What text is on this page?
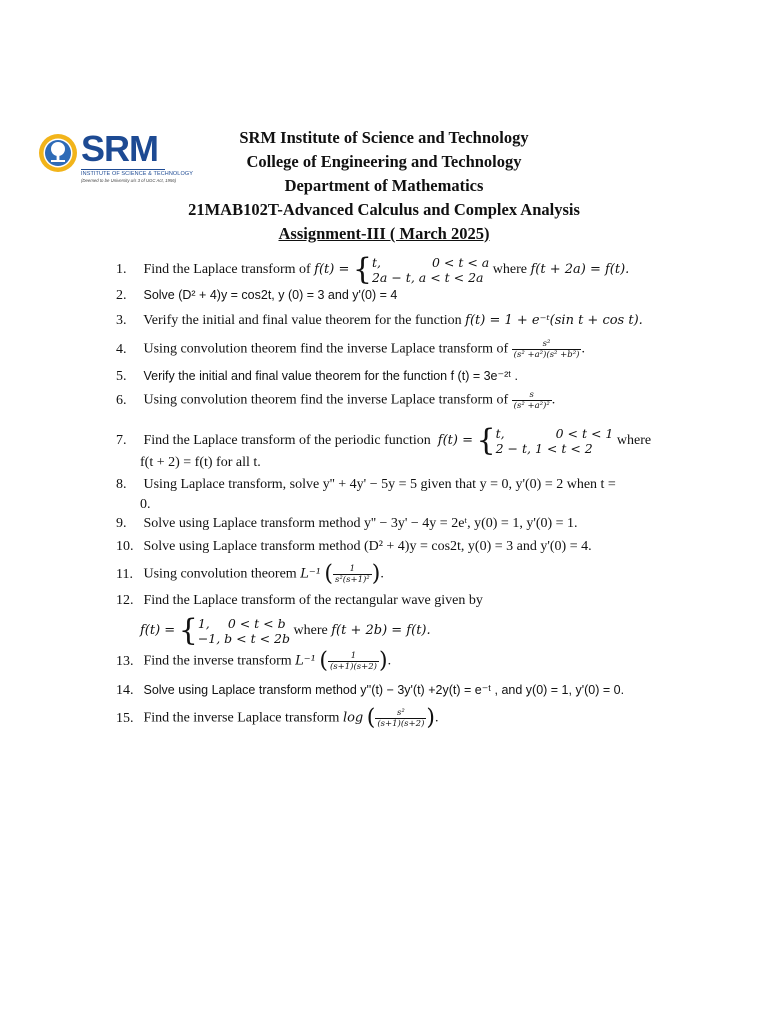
SRM
INSTITUTE OF SCIENCE & TECHNOLOGY
(Deemed to be University u/s 3 of UGC Act, 1956)
SRM Institute of Science and Technology
College of Engineering and Technology
Department of Mathematics
21MAB102T-Advanced Calculus and Complex Analysis
Assignment-III ( March 2025)
1. Find the Laplace transform of f(t) = { t,	0 < t < a
2a − t, a < t < 2a
where f(t + 2a) = f(t).
2. Solve (D² + 4)y = cos2t, y (0) = 3 and y'(0) = 4
3. Verify the initial and final value theorem for the function f(t) = 1 + e⁻ᵗ(sin t + cos t).
4. Using convolution theorem find the inverse Laplace transform of $\frac{\text{s²}}{\text{(s² +a²)(s² +b²)}}$ .
5. Verify the initial and final value theorem for the function f (t) = 3e⁻²ᵗ .
6. Using convolution theorem find the inverse Laplace transform of $\frac{s}{\text{(s² +a²)²}}$ .
7. Find the Laplace transform of the periodic function f(t) = { t,	0 < t < 1
2 − t, 1 < t < 2
where
f(t + 2) = f(t) for all t.
8. Using Laplace transform, solve y'' + 4y' − 5y = 5 given that y = 0, y'(0) = 2 when t =
0.
9. Solve using Laplace transform method y'' − 3y' − 4y = 2eᵗ, y(0) = 1, y'(0) = 1.
10. Solve using Laplace transform method (D² + 4)y = cos2t, y(0) = 3 and y'(0) = 4.
11. Using convolution theorem L⁻¹ ( $\frac{1}{\text{s²(s+1)²}}$ ).
12. Find the Laplace transform of the rectangular wave given by
f(t) = { 1, 0 < t < b
−1, b < t < 2b
where f(t + 2b) = f(t).
13. Find the inverse transform L⁻¹ ( $\frac{1}{(s+1)(s+2)}$ ).
14. Solve using Laplace transform method y''(t) − 3y'(t) +2y(t) = e⁻ᵗ , and y(0) = 1, y'(0) = 0.
15. Find the inverse Laplace transform log ( $\frac{\text{s²}}{(s+1)(s+2)}$ ).
